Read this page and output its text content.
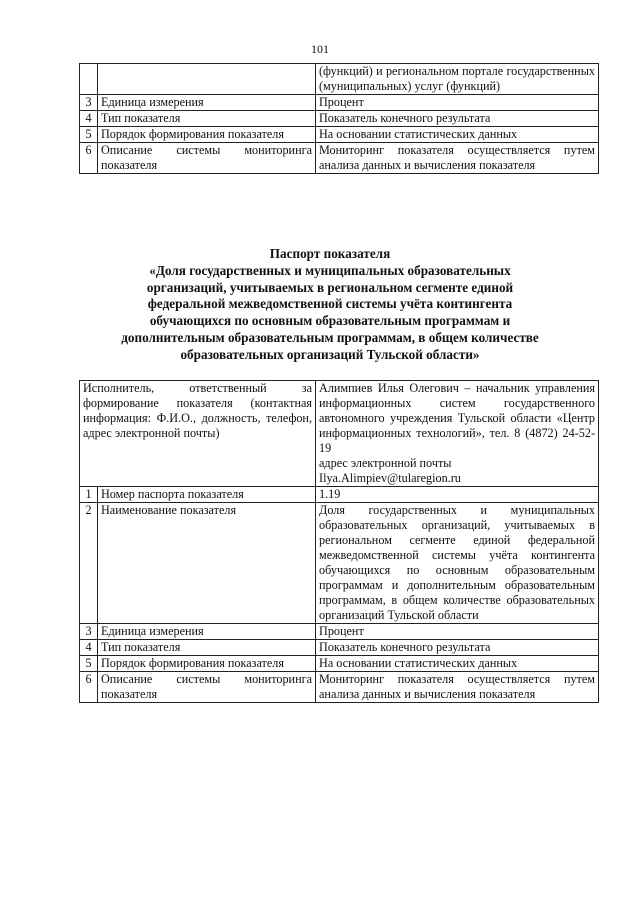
101
		(функций) и региональном портале государственных (муниципальных) услуг (функций)
3	Единица измерения	Процент
4	Тип показателя	Показатель конечного результата
5	Порядок формирования показателя	На основании статистических данных
6	Описание системы мониторинга показателя	Мониторинг показателя осуществляется путем анализа данных и вычисления показателя
Паспорт показателя
«Доля государственных и муниципальных образовательных
организаций, учитываемых в региональном сегменте единой
федеральной межведомственной системы учёта контингента
обучающихся по основным образовательным программам и
дополнительным образовательным программам, в общем количестве
образовательных организаций Тульской области»
Исполнитель, ответственный за формирование показателя (контактная информация: Ф.И.О., должность, телефон, адрес электронной почты)		Алимпиев Илья Олегович – начальник управления информационных систем государственного автономного учреждения Тульской области «Центр информационных технологий», тел. 8 (4872) 24-52-19
адрес электронной почты
Ilya.Alimpiev@tularegion.ru

1	Номер паспорта показателя	1.19
2	Наименование показателя	Доля государственных и муниципальных образовательных организаций, учитываемых в региональном сегменте единой федеральной межведомственной системы учёта контингента обучающихся по основным образовательным программам и дополнительным образовательным программам, в общем количестве образовательных организаций Тульской области
3	Единица измерения	Процент
4	Тип показателя	Показатель конечного результата
5	Порядок формирования показателя	На основании статистических данных
6	Описание системы мониторинга показателя	Мониторинг показателя осуществляется путем анализа данных и вычисления показателя
